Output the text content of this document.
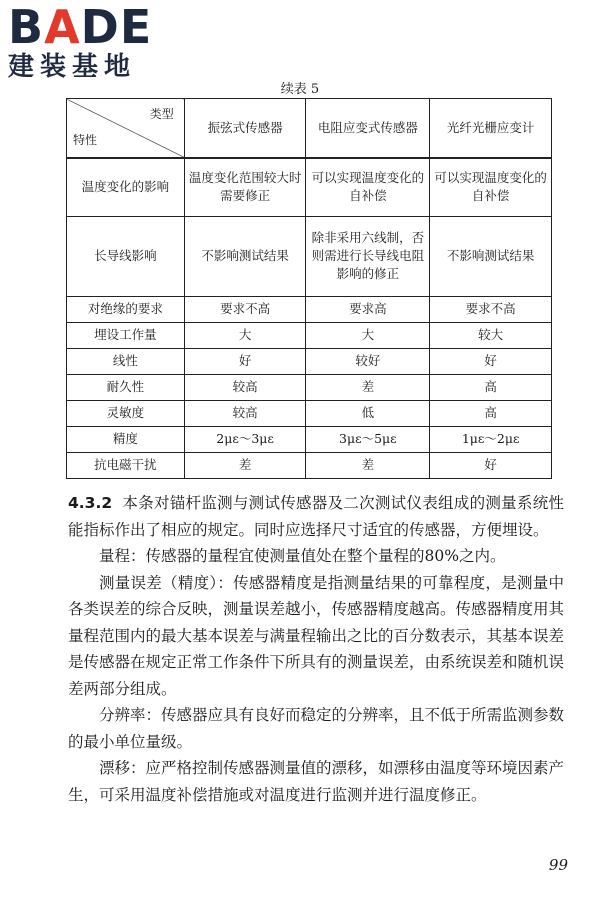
BADE
建装基地
续表 5
类型
特性	振弦式传感器	电阻应变式传感器	光纤光栅应变计
温度变化的影响	温度变化范围较大时需要修正	可以实现温度变化的自补偿	可以实现温度变化的自补偿
长导线影响	不影响测试结果	除非采用六线制，否则需进行长导线电阻影响的修正	不影响测试结果
对绝缘的要求	要求不高	要求高	要求不高
埋设工作量	大	大	较大
线性	好	较好	好
耐久性	较高	差	高
灵敏度	较高	低	高
精度	2με～3με	3με～5με	1με～2με
抗电磁干扰	差	差	好

4.3.2 本条对锚杆监测与测试传感器及二次测试仪表组成的测量系统性能指标作出了相应的规定。同时应选择尺寸适宜的传感器，方便埋设。

量程：传感器的量程宜使测量值处在整个量程的80%之内。

测量误差（精度）：传感器精度是指测量结果的可靠程度，是测量中各类误差的综合反映，测量误差越小，传感器精度越高。传感器精度用其量程范围内的最大基本误差与满量程输出之比的百分数表示，其基本误差是传感器在规定正常工作条件下所具有的测量误差，由系统误差和随机误差两部分组成。

分辨率：传感器应具有良好而稳定的分辨率，且不低于所需监测参数的最小单位量级。

漂移：应严格控制传感器测量值的漂移，如漂移由温度等环境因素产生，可采用温度补偿措施或对温度进行监测并进行温度修正。

99
